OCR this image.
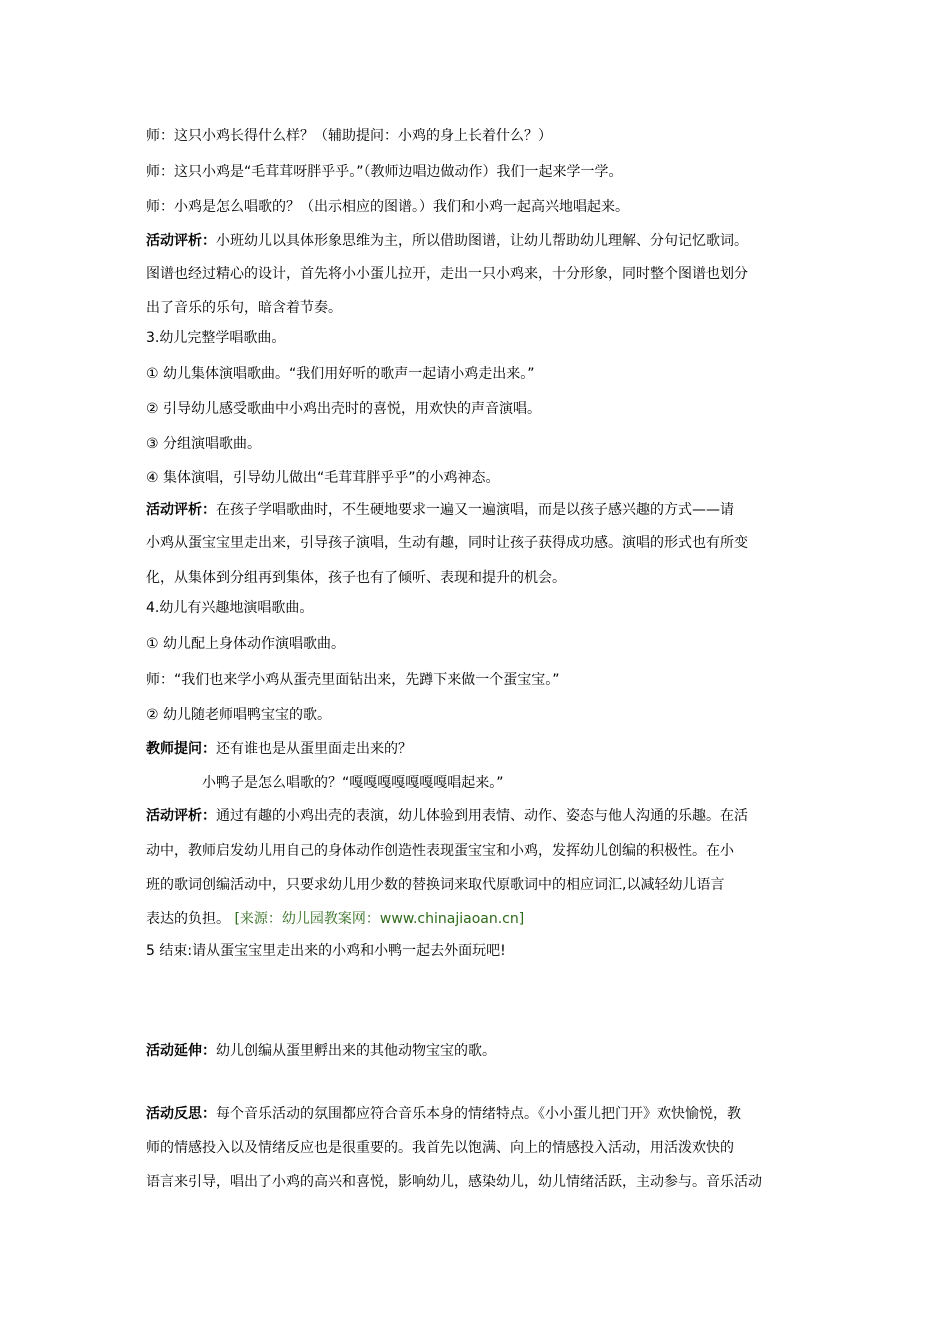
师：这只小鸡长得什么样？（辅助提问：小鸡的身上长着什么？）
师：这只小鸡是“毛茸茸呀胖乎乎。”（教师边唱边做动作）我们一起来学一学。
师：小鸡是怎么唱歌的？（出示相应的图谱。）我们和小鸡一起高兴地唱起来。
活动评析：小班幼儿以具体形象思维为主，所以借助图谱，让幼儿帮助幼儿理解、分句记忆歌词。
图谱也经过精心的设计，首先将小小蛋儿拉开，走出一只小鸡来，十分形象，同时整个图谱也划分
出了音乐的乐句，暗含着节奏。
3.幼儿完整学唱歌曲。
① 幼儿集体演唱歌曲。“我们用好听的歌声一起请小鸡走出来。”
② 引导幼儿感受歌曲中小鸡出壳时的喜悦，用欢快的声音演唱。
③ 分组演唱歌曲。
④ 集体演唱，引导幼儿做出“毛茸茸胖乎乎”的小鸡神态。
活动评析：在孩子学唱歌曲时，不生硬地要求一遍又一遍演唱，而是以孩子感兴趣的方式——请
小鸡从蛋宝宝里走出来，引导孩子演唱，生动有趣，同时让孩子获得成功感。演唱的形式也有所变
化，从集体到分组再到集体，孩子也有了倾听、表现和提升的机会。
4.幼儿有兴趣地演唱歌曲。
① 幼儿配上身体动作演唱歌曲。
师：“我们也来学小鸡从蛋壳里面钻出来，先蹲下来做一个蛋宝宝。”
② 幼儿随老师唱鸭宝宝的歌。
教师提问：还有谁也是从蛋里面走出来的？
小鸭子是怎么唱歌的？“嘎嘎嘎嘎嘎嘎嘎唱起来。”
活动评析：通过有趣的小鸡出壳的表演，幼儿体验到用表情、动作、姿态与他人沟通的乐趣。在活
动中，教师启发幼儿用自己的身体动作创造性表现蛋宝宝和小鸡，发挥幼儿创编的积极性。在小
班的歌词创编活动中，只要求幼儿用少数的替换词来取代原歌词中的相应词汇,以减轻幼儿语言
表达的负担。 [来源：幼儿园教案网：www.chinajiaoan.cn]
5 结束:请从蛋宝宝里走出来的小鸡和小鸭一起去外面玩吧!
活动延伸：幼儿创编从蛋里孵出来的其他动物宝宝的歌。
活动反思：每个音乐活动的氛围都应符合音乐本身的情绪特点。《小小蛋儿把门开》欢快愉悦，教
师的情感投入以及情绪反应也是很重要的。我首先以饱满、向上的情感投入活动，用活泼欢快的
语言来引导，唱出了小鸡的高兴和喜悦，影响幼儿，感染幼儿，幼儿情绪活跃，主动参与。音乐活动
